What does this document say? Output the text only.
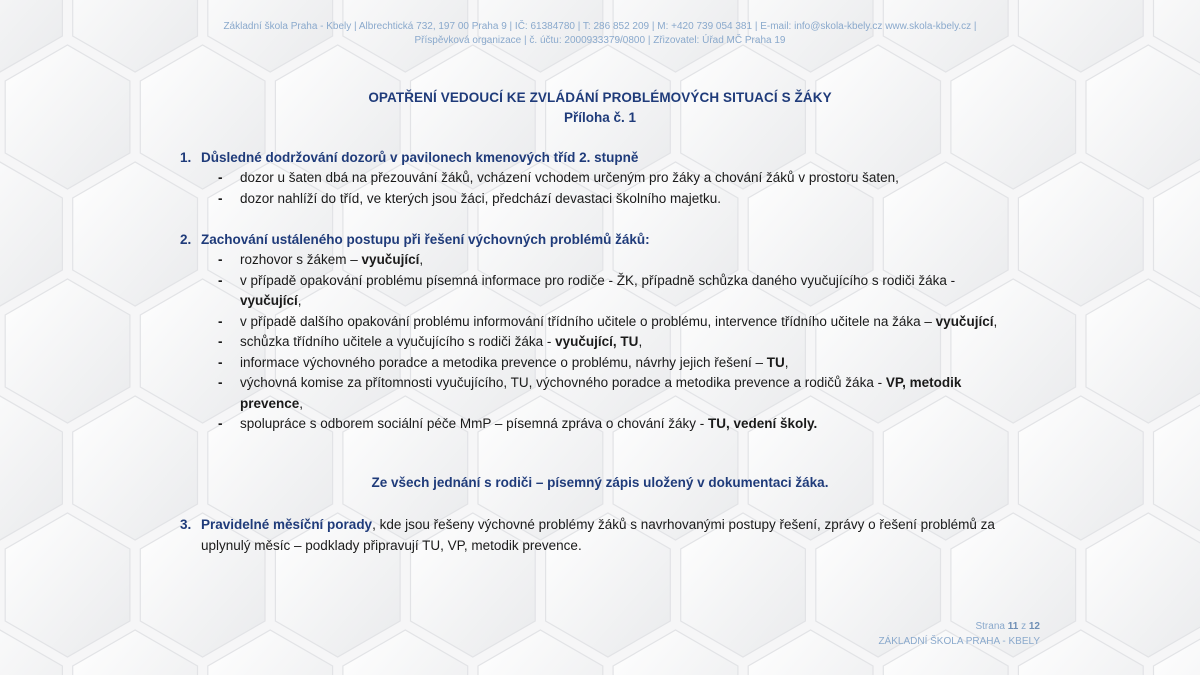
Základní škola Praha - Kbely | Albrechtická 732, 197 00 Praha 9 | IČ: 61384780 | T: 286 852 209 | M: +420 739 054 381 | E-mail: info@skola-kbely.cz www.skola-kbely.cz |
Příspěvková organizace | č. účtu: 2000933379/0800 | Zřizovatel: Úřad MČ Praha 19
OPATŘENÍ VEDOUCÍ KE ZVLÁDÁNÍ PROBLÉMOVÝCH SITUACÍ S ŽÁKY
Příloha č. 1
1. Důsledné dodržování dozorů v pavilonech kmenových tříd 2. stupně
- dozor u šaten dbá na přezouvání žáků, vcházení vchodem určeným pro žáky a chování žáků v prostoru šaten,
- dozor nahlíží do tříd, ve kterých jsou žáci, předchází devastaci školního majetku.
2. Zachování ustáleného postupu při řešení výchovných problémů žáků:
- rozhovor s žákem – vyučující,
- v případě opakování problému písemná informace pro rodiče - ŽK, případně schůzka daného vyučujícího s rodiči žáka - vyučující,
- v případě dalšího opakování problému informování třídního učitele o problému, intervence třídního učitele na žáka – vyučující,
- schůzka třídního učitele a vyučujícího s rodiči žáka - vyučující, TU,
- informace výchovného poradce a metodika prevence o problému, návrhy jejich řešení – TU,
- výchovná komise za přítomnosti vyučujícího, TU, výchovného poradce a metodika prevence a rodičů žáka - VP, metodik prevence,
- spolupráce s odborem sociální péče MmP – písemná zpráva o chování žáky - TU, vedení školy.
Ze všech jednání s rodiči – písemný zápis uložený v dokumentaci žáka.
3. Pravidelné měsíční porady, kde jsou řešeny výchovné problémy žáků s navrhovanými postupy řešení, zprávy o řešení problémů za uplynulý měsíc – podklady připravují TU, VP, metodik prevence.
Strana 11 z 12
ZÁKLADNÍ ŠKOLA PRAHA - KBELY
